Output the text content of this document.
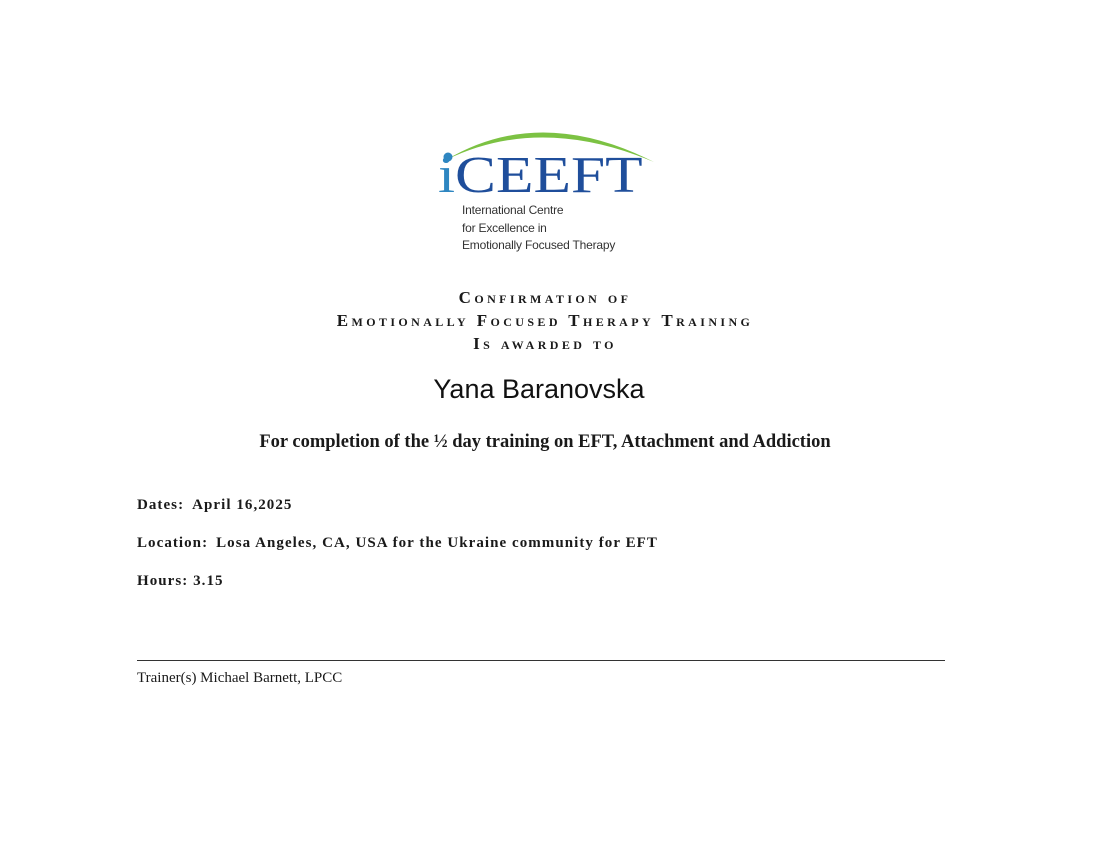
iCEEFT
International Centre
for Excellence in
Emotionally Focused Therapy
Confirmation of
Emotionally Focused Therapy Training
Is awarded to
Yana Baranovska
For completion of the ½ day training on EFT, Attachment and Addiction
Dates: April 16,2025
Location: Losa Angeles, CA, USA for the Ukraine community for EFT
Hours: 3.15
Trainer(s) Michael Barnett, LPCC
